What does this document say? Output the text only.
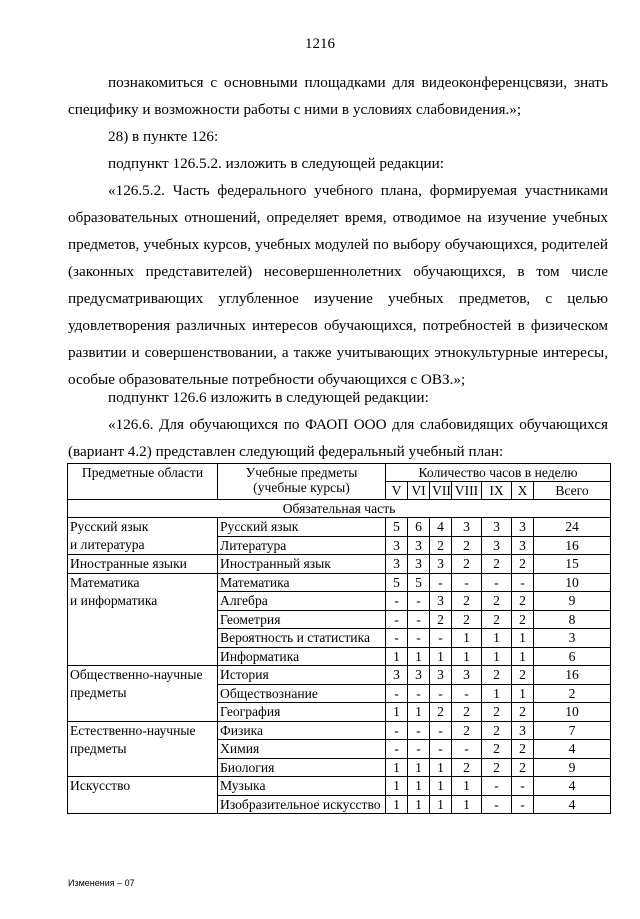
1216

познакомиться с основными площадками для видеоконференцсвязи, знать специфику и возможности работы с ними в условиях слабовидения.»;

28) в пункте 126:

подпункт 126.5.2. изложить в следующей редакции:

«126.5.2. Часть федерального учебного плана, формируемая участниками образовательных отношений, определяет время, отводимое на изучение учебных предметов, учебных курсов, учебных модулей по выбору обучающихся, родителей (законных представителей) несовершеннолетних обучающихся, в том числе предусматривающих углубленное изучение учебных предметов, с целью удовлетворения различных интересов обучающихся, потребностей в физическом развитии и совершенствовании, а также учитывающих этнокультурные интересы, особые образовательные потребности обучающихся с ОВЗ.»;

подпункт 126.6 изложить в следующей редакции:

«126.6. Для обучающихся по ФАОП ООО для слабовидящих обучающихся (вариант 4.2) представлен следующий федеральный учебный план:

Предметные области	Учебные предметы (учебные курсы)	Количество часов в неделю						
		V	VI	VII	VIII	IX	X	Всего
Обязательная часть								
Русский язык	Русский язык	5	6	4	3	3	3	24
и литература	Литература	3	3	2	2	3	3	16
Иностранные языки	Иностранный язык	3	3	3	2	2	2	15
Математика	Математика	5	5	-	-	-	-	10
и информатика	Алгебра	-	-	3	2	2	2	9
	Геометрия	-	-	2	2	2	2	8
	Вероятность и статистика	-	-	-	1	1	1	3
	Информатика	1	1	1	1	1	1	6
Общественно-научные	История	3	3	3	3	2	2	16
предметы	Обществознание	-	-	-	-	1	1	2
	География	1	1	2	2	2	2	10
Естественно-научные	Физика	-	-	-	2	2	3	7
предметы	Химия	-	-	-	-	2	2	4
	Биология	1	1	1	2	2	2	9
Искусство	Музыка	1	1	1	1	-	-	4
	Изобразительное искусство	1	1	1	1	-	-	4
Изменения – 07
